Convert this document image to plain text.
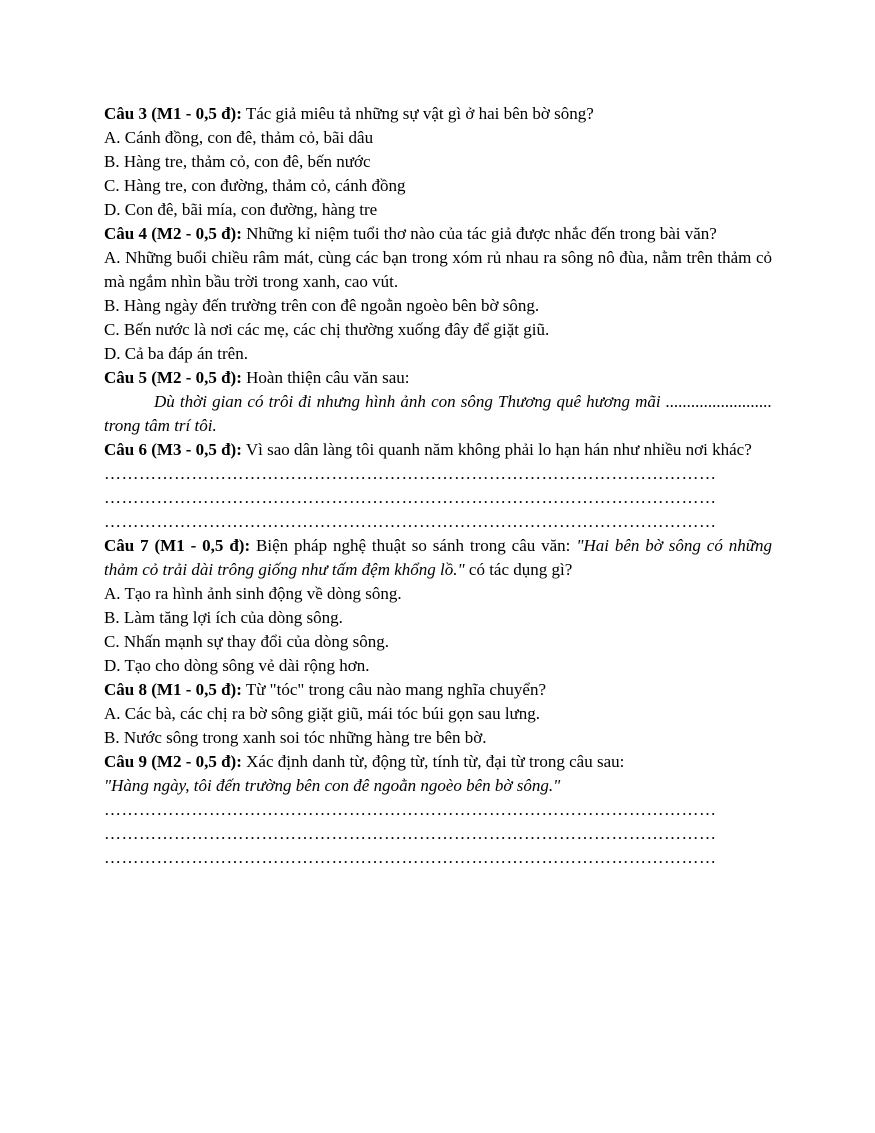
Câu 3 (M1 - 0,5 đ): Tác giả miêu tả những sự vật gì ở hai bên bờ sông?

A. Cánh đồng, con đê, thảm cỏ, bãi dâu

B. Hàng tre, thảm cỏ, con đê, bến nước

C. Hàng tre, con đường, thảm cỏ, cánh đồng

D. Con đê, bãi mía, con đường, hàng tre

Câu 4 (M2 - 0,5 đ): Những kỉ niệm tuổi thơ nào của tác giả được nhắc đến trong bài văn?

A. Những buổi chiều râm mát, cùng các bạn trong xóm rủ nhau ra sông nô đùa, nằm trên thảm cỏ mà ngắm nhìn bầu trời trong xanh, cao vút.

B. Hàng ngày đến trường trên con đê ngoằn ngoèo bên bờ sông.

C. Bến nước là nơi các mẹ, các chị thường xuống đây để giặt giũ.

D. Cả ba đáp án trên.

Câu 5 (M2 - 0,5 đ): Hoàn thiện câu văn sau:

Dù thời gian có trôi đi nhưng hình ảnh con sông Thương quê hương mãi ......................... trong tâm trí tôi.

Câu 6 (M3 - 0,5 đ): Vì sao dân làng tôi quanh năm không phải lo hạn hán như nhiều nơi khác?

……………………………………………………………………………………………

……………………………………………………………………………………………

……………………………………………………………………………………………

Câu 7 (M1 - 0,5 đ): Biện pháp nghệ thuật so sánh trong câu văn: "Hai bên bờ sông có những thảm cỏ trải dài trông giống như tấm đệm khổng lồ." có tác dụng gì?

A. Tạo ra hình ảnh sinh động về dòng sông.

B. Làm tăng lợi ích của dòng sông.

C. Nhấn mạnh sự thay đổi của dòng sông.

D. Tạo cho dòng sông vẻ dài rộng hơn.

Câu 8 (M1 - 0,5 đ): Từ "tóc" trong câu nào mang nghĩa chuyển?

A. Các bà, các chị ra bờ sông giặt giũ, mái tóc búi gọn sau lưng.

B. Nước sông trong xanh soi tóc những hàng tre bên bờ.

Câu 9 (M2 - 0,5 đ): Xác định danh từ, động từ, tính từ, đại từ trong câu sau:

"Hàng ngày, tôi đến trường bên con đê ngoằn ngoèo bên bờ sông."

……………………………………………………………………………………………

……………………………………………………………………………………………

……………………………………………………………………………………………
